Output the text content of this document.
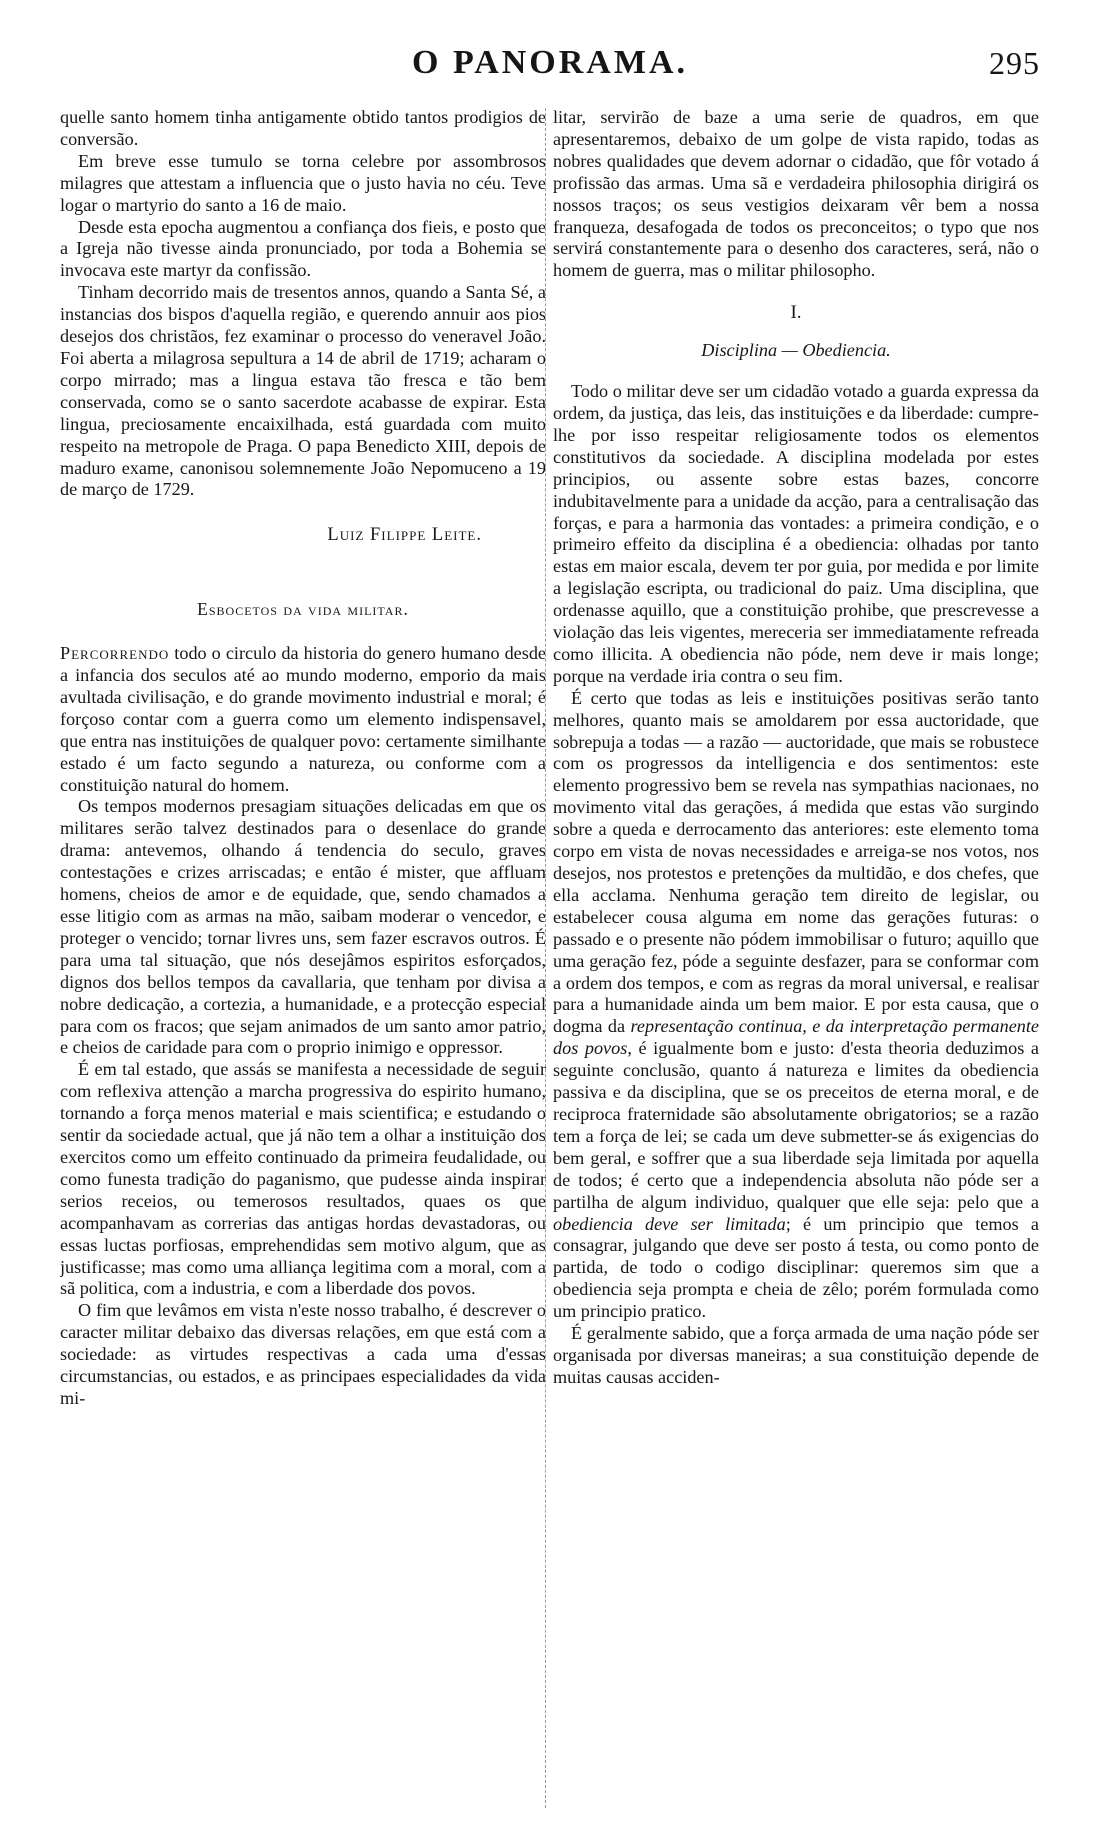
O PANORAMA.	295

quelle santo homem tinha antigamente obtido tantos prodigios de conversão.

Em breve esse tumulo se torna celebre por assombrosos milagres que attestam a influencia que o justo havia no céu. Teve logar o martyrio do santo a 16 de maio.

Desde esta epocha augmentou a confiança dos fieis, e posto que a Igreja não tivesse ainda pronunciado, por toda a Bohemia se invocava este martyr da confissão.

Tinham decorrido mais de tresentos annos, quando a Santa Sé, a instancias dos bispos d'aquella região, e querendo annuir aos pios desejos dos christãos, fez examinar o processo do veneravel João. Foi aberta a milagrosa sepultura a 14 de abril de 1719; acharam o corpo mirrado; mas a lingua estava tão fresca e tão bem conservada, como se o santo sacerdote acabasse de expirar. Esta lingua, preciosamente encaixilhada, está guardada com muito respeito na metropole de Praga. O papa Benedicto XIII, depois de maduro exame, canonisou solemnemente João Nepomuceno a 19 de março de 1729.

Luiz Filippe Leite.
Esbocetos da vida militar.

Percorrendo todo o circulo da historia do genero humano desde a infancia dos seculos até ao mundo moderno, emporio da mais avultada civilisação, e do grande movimento industrial e moral; é forçoso contar com a guerra como um elemento indispensavel, que entra nas instituições de qualquer povo: certamente similhante estado é um facto segundo a natureza, ou conforme com a constituição natural do homem.

Os tempos modernos presagiam situações delicadas em que os militares serão talvez destinados para o desenlace do grande drama: antevemos, olhando á tendencia do seculo, graves contestações e crizes arriscadas; e então é mister, que affluam homens, cheios de amor e de equidade, que, sendo chamados a esse litigio com as armas na mão, saibam moderar o vencedor, e proteger o vencido; tornar livres uns, sem fazer escravos outros. É para uma tal situação, que nós desejâmos espiritos esforçados, dignos dos bellos tempos da cavallaria, que tenham por divisa a nobre dedicação, a cortezia, a humanidade, e a protecção especial para com os fracos; que sejam animados de um santo amor patrio, e cheios de caridade para com o proprio inimigo e oppressor.

É em tal estado, que assás se manifesta a necessidade de seguir com reflexiva attenção a marcha progressiva do espirito humano, tornando a força menos material e mais scientifica; e estudando o sentir da sociedade actual, que já não tem a olhar a instituição dos exercitos como um effeito continuado da primeira feudalidade, ou como funesta tradição do paganismo, que pudesse ainda inspirar serios receios, ou temerosos resultados, quaes os que acompanhavam as correrias das antigas hordas devastadoras, ou essas luctas porfiosas, emprehendidas sem motivo algum, que as justificasse; mas como uma alliança legitima com a moral, com a sã politica, com a industria, e com a liberdade dos povos.

O fim que levâmos em vista n'este nosso trabalho, é descrever o caracter militar debaixo das diversas relações, em que está com a sociedade: as virtudes respectivas a cada uma d'essas circumstancias, ou estados, e as principaes especialidades da vida mi-

litar, servirão de baze a uma serie de quadros, em que apresentaremos, debaixo de um golpe de vista rapido, todas as nobres qualidades que devem adornar o cidadão, que fôr votado á profissão das armas. Uma sã e verdadeira philosophia dirigirá os nossos traços; os seus vestigios deixaram vêr bem a nossa franqueza, desafogada de todos os preconceitos; o typo que nos servirá constantemente para o desenho dos caracteres, será, não o homem de guerra, mas o militar philosopho.

I.
Disciplina — Obediencia.

Todo o militar deve ser um cidadão votado a guarda expressa da ordem, da justiça, das leis, das instituições e da liberdade: cumpre-lhe por isso respeitar religiosamente todos os elementos constitutivos da sociedade. A disciplina modelada por estes principios, ou assente sobre estas bazes, concorre indubitavelmente para a unidade da acção, para a centralisação das forças, e para a harmonia das vontades: a primeira condição, e o primeiro effeito da disciplina é a obediencia: olhadas por tanto estas em maior escala, devem ter por guia, por medida e por limite a legislação escripta, ou tradicional do paiz. Uma disciplina, que ordenasse aquillo, que a constituição prohibe, que prescrevesse a violação das leis vigentes, mereceria ser immediatamente refreada como illicita. A obediencia não póde, nem deve ir mais longe; porque na verdade iria contra o seu fim.

É certo que todas as leis e instituições positivas serão tanto melhores, quanto mais se amoldarem por essa auctoridade, que sobrepuja a todas — a razão — auctoridade, que mais se robustece com os progressos da intelligencia e dos sentimentos: este elemento progressivo bem se revela nas sympathias nacionaes, no movimento vital das gerações, á medida que estas vão surgindo sobre a queda e derrocamento das anteriores: este elemento toma corpo em vista de novas necessidades e arreiga-se nos votos, nos desejos, nos protestos e pretenções da multidão, e dos chefes, que ella acclama. Nenhuma geração tem direito de legislar, ou estabelecer cousa alguma em nome das gerações futuras: o passado e o presente não pódem immobilisar o futuro; aquillo que uma geração fez, póde a seguinte desfazer, para se conformar com a ordem dos tempos, e com as regras da moral universal, e realisar para a humanidade ainda um bem maior. E por esta causa, que o dogma da representação continua, e da interpretação permanente dos povos, é igualmente bom e justo: d'esta theoria deduzimos a seguinte conclusão, quanto á natureza e limites da obediencia passiva e da disciplina, que se os preceitos de eterna moral, e de reciproca fraternidade são absolutamente obrigatorios; se a razão tem a força de lei; se cada um deve submetter-se ás exigencias do bem geral, e soffrer que a sua liberdade seja limitada por aquella de todos; é certo que a independencia absoluta não póde ser a partilha de algum individuo, qualquer que elle seja: pelo que a obediencia deve ser limitada; é um principio que temos a consagrar, julgando que deve ser posto á testa, ou como ponto de partida, de todo o codigo disciplinar: queremos sim que a obediencia seja prompta e cheia de zêlo; porém formulada como um principio pratico.

É geralmente sabido, que a força armada de uma nação póde ser organisada por diversas maneiras; a sua constituição depende de muitas causas acciden-
